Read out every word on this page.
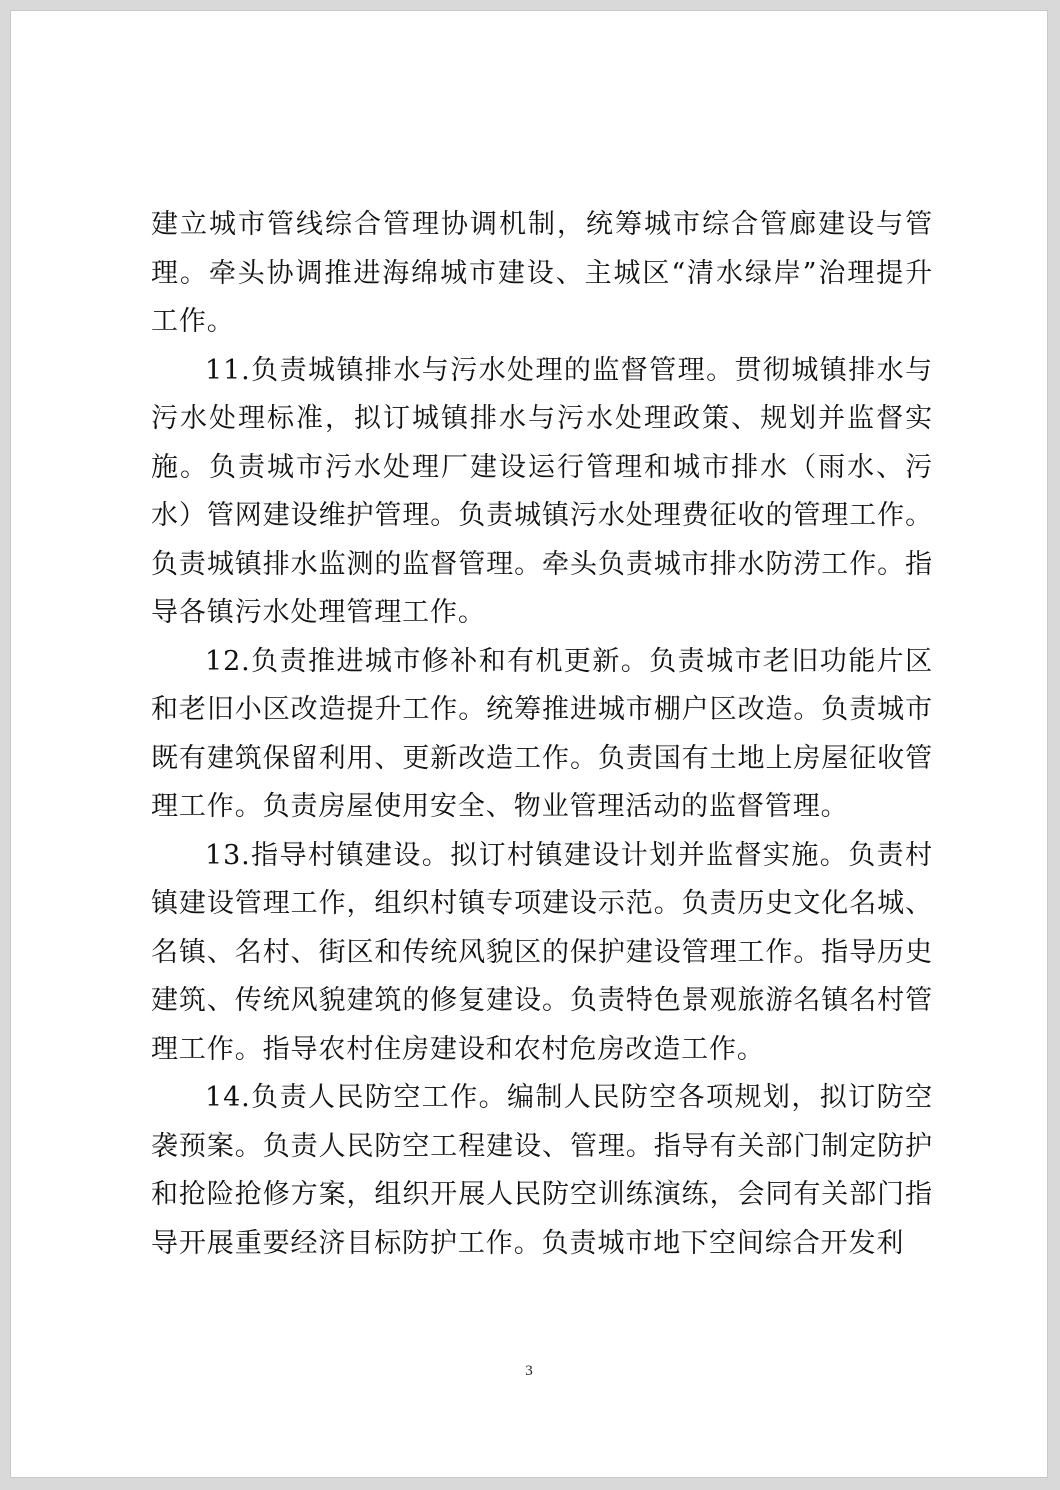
建立城市管线综合管理协调机制，统筹城市综合管廊建设与管理。牵头协调推进海绵城市建设、主城区“清水绿岸”治理提升工作。

11.负责城镇排水与污水处理的监督管理。贯彻城镇排水与污水处理标准，拟订城镇排水与污水处理政策、规划并监督实施。负责城市污水处理厂建设运行管理和城市排水（雨水、污水）管网建设维护管理。负责城镇污水处理费征收的管理工作。负责城镇排水监测的监督管理。牵头负责城市排水防涝工作。指导各镇污水处理管理工作。

12.负责推进城市修补和有机更新。负责城市老旧功能片区和老旧小区改造提升工作。统筹推进城市棚户区改造。负责城市既有建筑保留利用、更新改造工作。负责国有土地上房屋征收管理工作。负责房屋使用安全、物业管理活动的监督管理。

13.指导村镇建设。拟订村镇建设计划并监督实施。负责村镇建设管理工作，组织村镇专项建设示范。负责历史文化名城、名镇、名村、街区和传统风貌区的保护建设管理工作。指导历史建筑、传统风貌建筑的修复建设。负责特色景观旅游名镇名村管理工作。指导农村住房建设和农村危房改造工作。

14.负责人民防空工作。编制人民防空各项规划，拟订防空袭预案。负责人民防空工程建设、管理。指导有关部门制定防护和抢险抢修方案，组织开展人民防空训练演练，会同有关部门指导开展重要经济目标防护工作。负责城市地下空间综合开发利

3
